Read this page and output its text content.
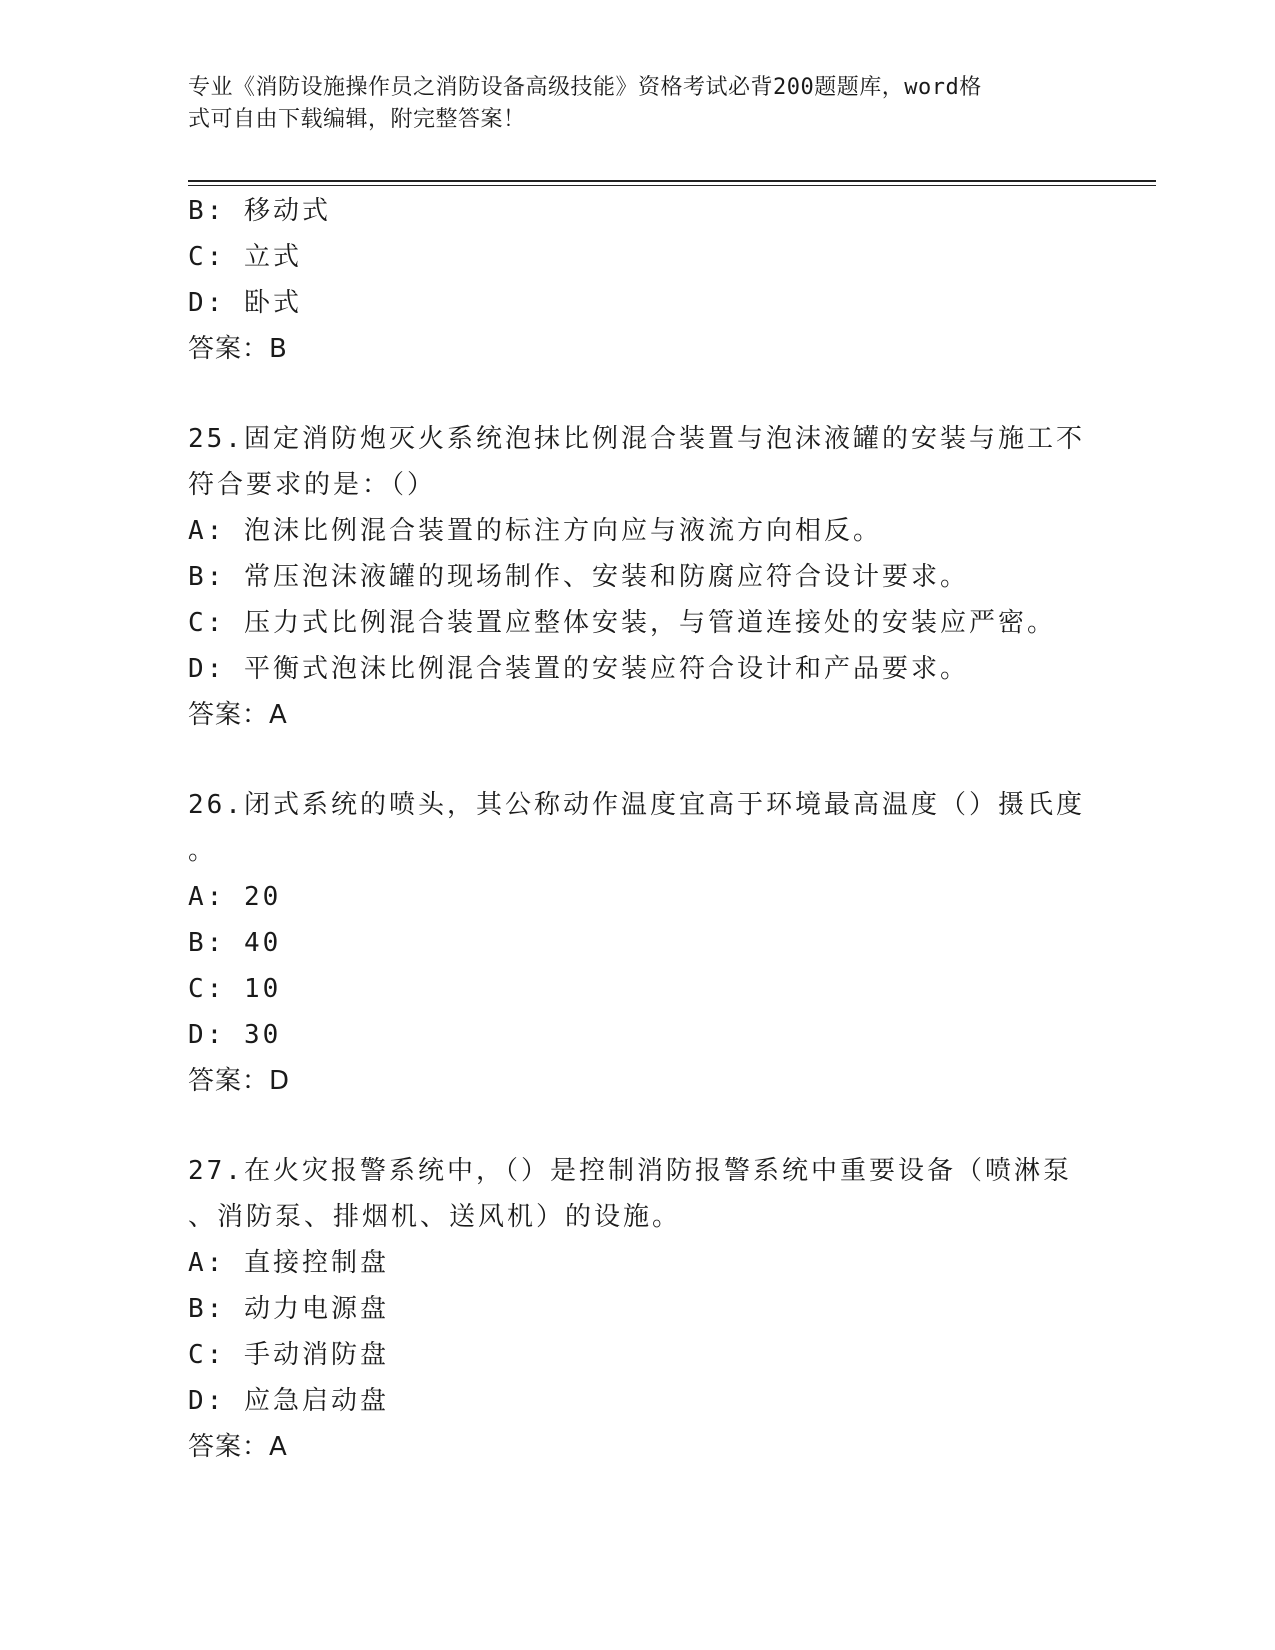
专业《消防设施操作员之消防设备高级技能》资格考试必背200题题库，word格
式可自由下载编辑，附完整答案！
B: 移动式
C: 立式
D: 卧式
答案：B
25.固定消防炮灭火系统泡抹比例混合装置与泡沫液罐的安装与施工不
符合要求的是：（）
A: 泡沫比例混合装置的标注方向应与液流方向相反。
B: 常压泡沫液罐的现场制作、安装和防腐应符合设计要求。
C: 压力式比例混合装置应整体安装，与管道连接处的安装应严密。
D: 平衡式泡沫比例混合装置的安装应符合设计和产品要求。
答案：A
26.闭式系统的喷头，其公称动作温度宜高于环境最高温度（）摄氏度
。
A: 20
B: 40
C: 10
D: 30
答案：D
27.在火灾报警系统中，（）是控制消防报警系统中重要设备（喷淋泵
、消防泵、排烟机、送风机）的设施。
A: 直接控制盘
B: 动力电源盘
C: 手动消防盘
D: 应急启动盘
答案：A
